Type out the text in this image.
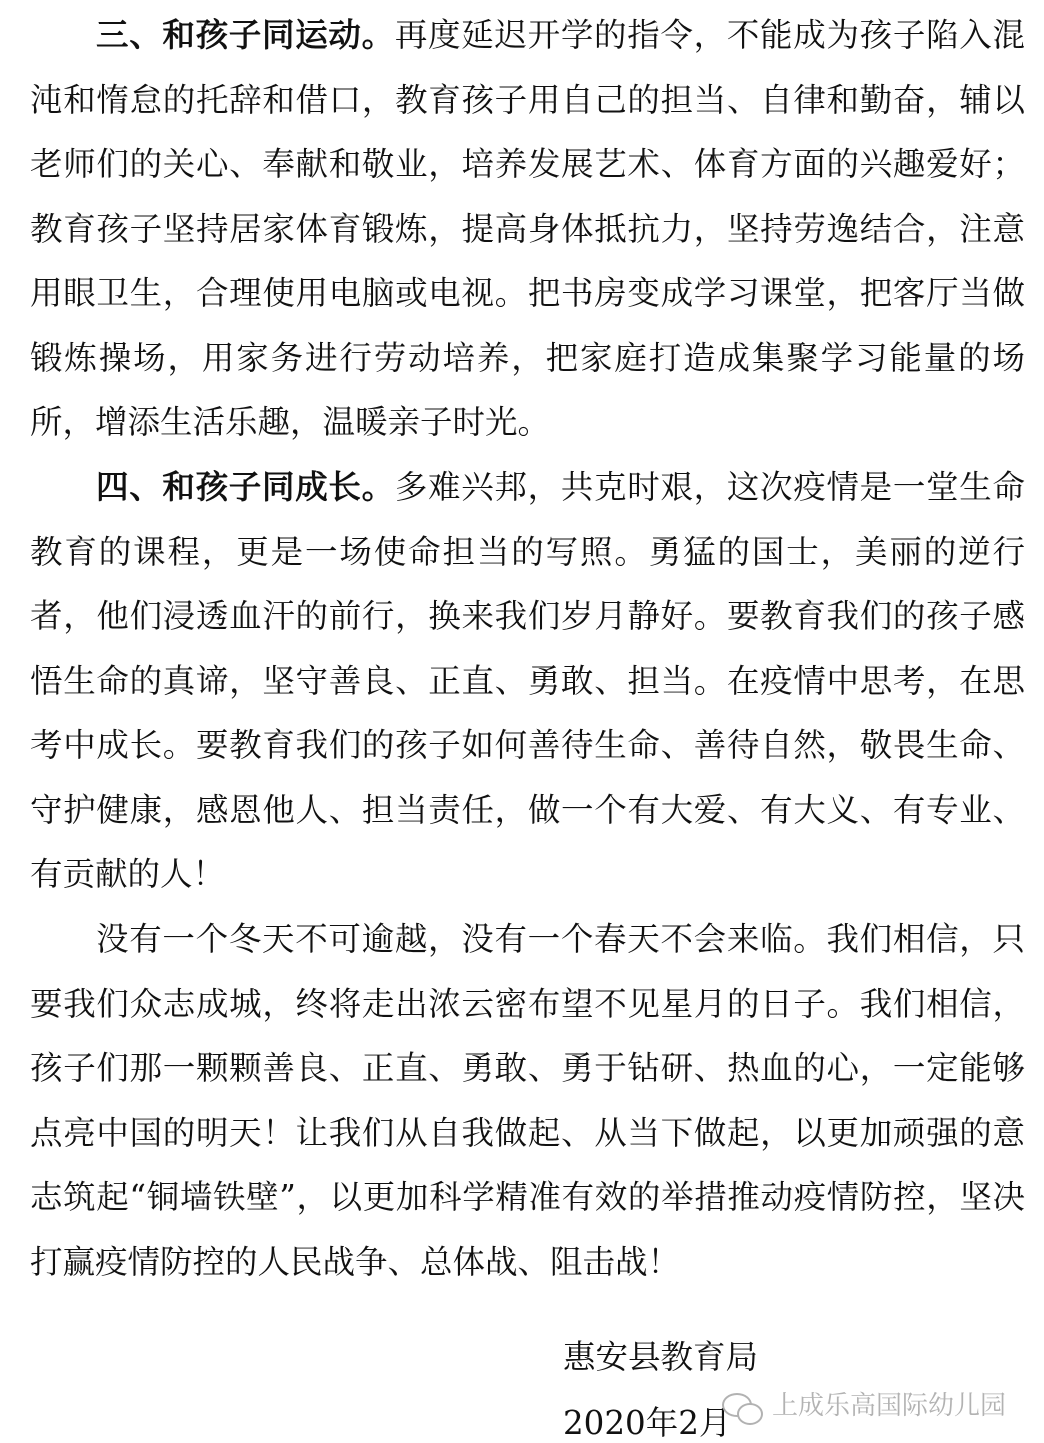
三、和孩子同运动。再度延迟开学的指令，不能成为孩子陷入混沌和惰怠的托辞和借口，教育孩子用自己的担当、自律和勤奋，辅以老师们的关心、奉献和敬业，培养发展艺术、体育方面的兴趣爱好；教育孩子坚持居家体育锻炼，提高身体抵抗力，坚持劳逸结合，注意用眼卫生，合理使用电脑或电视。把书房变成学习课堂，把客厅当做锻炼操场，用家务进行劳动培养，把家庭打造成集聚学习能量的场所，增添生活乐趣，温暖亲子时光。

四、和孩子同成长。多难兴邦，共克时艰，这次疫情是一堂生命教育的课程，更是一场使命担当的写照。勇猛的国士，美丽的逆行者，他们浸透血汗的前行，换来我们岁月静好。要教育我们的孩子感悟生命的真谛，坚守善良、正直、勇敢、担当。在疫情中思考，在思考中成长。要教育我们的孩子如何善待生命、善待自然，敬畏生命、守护健康，感恩他人、担当责任，做一个有大爱、有大义、有专业、有贡献的人！

没有一个冬天不可逾越，没有一个春天不会来临。我们相信，只要我们众志成城，终将走出浓云密布望不见星月的日子。我们相信，孩子们那一颗颗善良、正直、勇敢、勇于钻研、热血的心，一定能够点亮中国的明天！让我们从自我做起、从当下做起，以更加顽强的意志筑起“铜墙铁壁”，以更加科学精准有效的举措推动疫情防控，坚决打赢疫情防控的人民战争、总体战、阻击战！

惠安县教育局
2020年2月 上成乐高国际幼儿园
